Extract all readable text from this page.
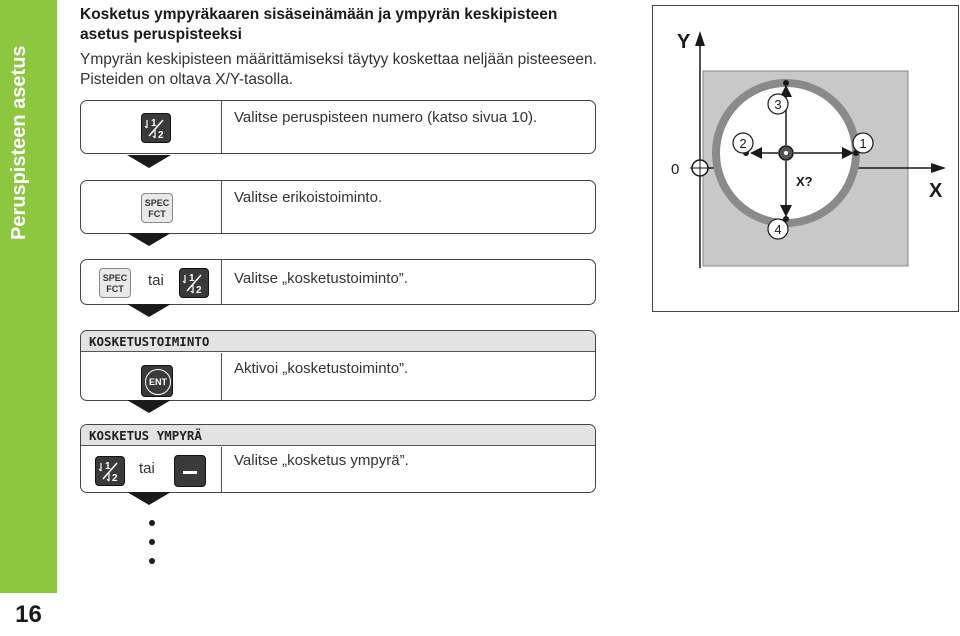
Peruspisteen asetus
16
Kosketus ympyräkaaren sisäseinämään ja ympyrän keskipisteen asetus peruspisteeksi
Ympyrän keskipisteen määrittämiseksi täytyy koskettaa neljään pisteeseen. Pisteiden on oltava X/Y-tasolla.
1
2
Valitse peruspisteen numero (katso sivua 10).
SPEC
FCT
Valitse erikoistoiminto.
SPEC
FCT	tai	1
2
Valitse „kosketustoiminto”.
KOSKETUSTOIMINTO
ENT
Aktivoi „kosketustoiminto”.
KOSKETUS YMPYRÄ
1
2
tai	Valitse „kosketus ympyrä”.
Y
X
0
1
2
3
4
X?
